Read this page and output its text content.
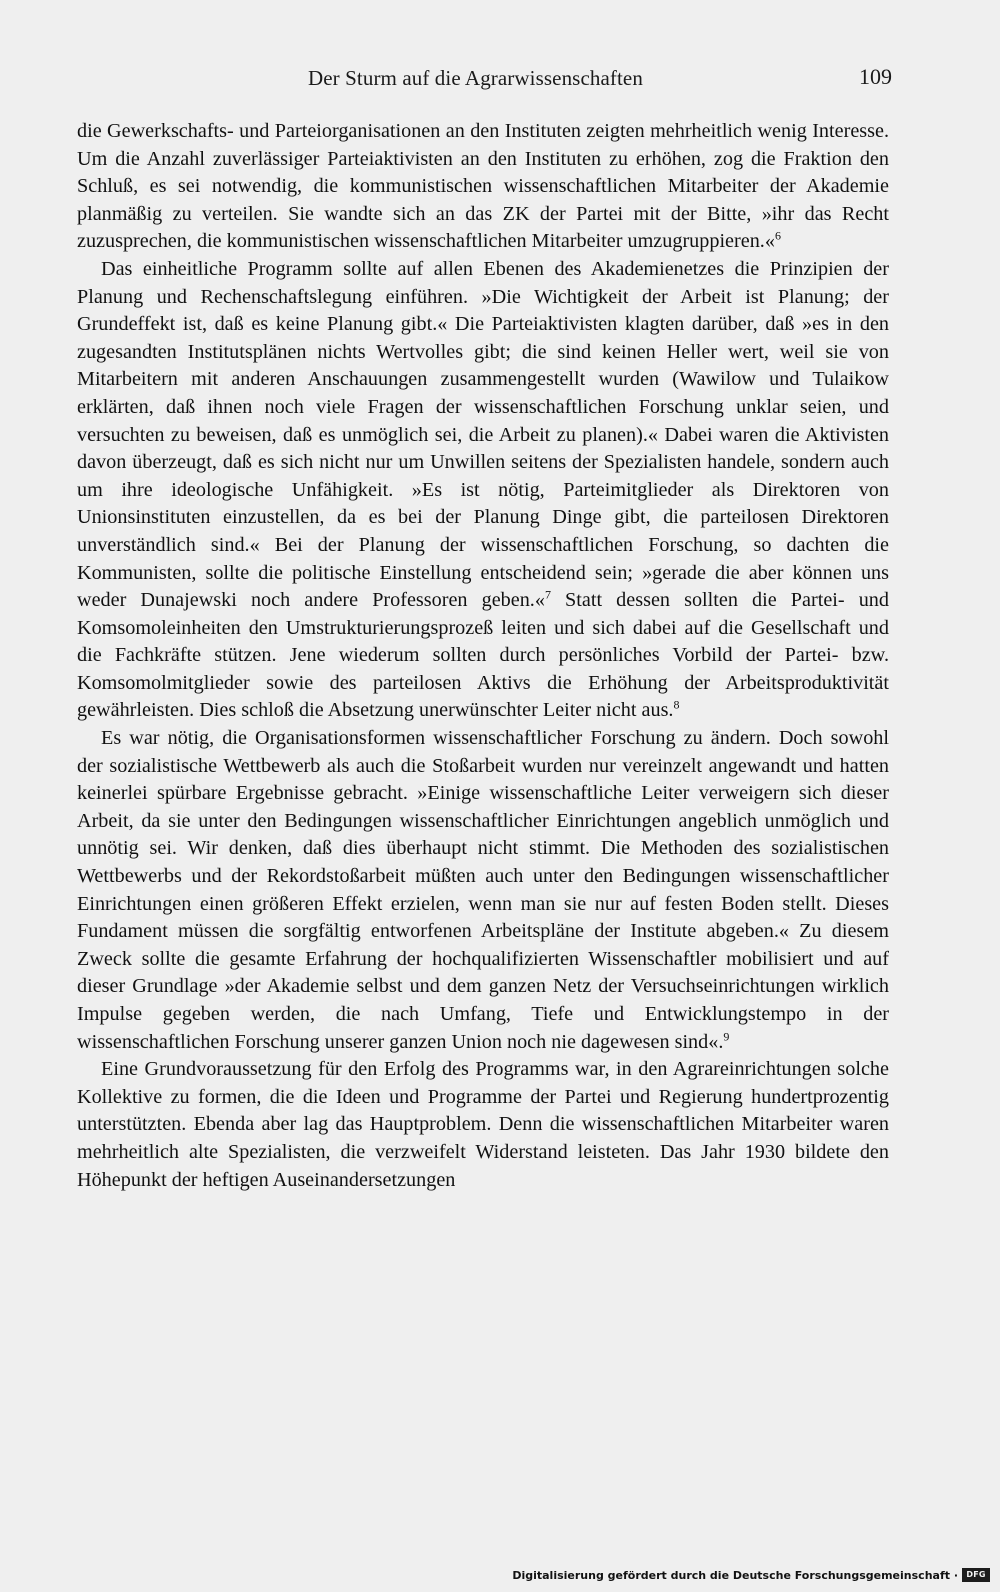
Der Sturm auf die Agrarwissenschaften	109

die Gewerkschafts- und Parteiorganisationen an den Instituten zeigten mehrheitlich wenig Interesse. Um die Anzahl zuverlässiger Parteiaktivisten an den Instituten zu erhöhen, zog die Fraktion den Schluß, es sei notwendig, die kommunistischen wissenschaftlichen Mitarbeiter der Akademie planmäßig zu verteilen. Sie wandte sich an das ZK der Partei mit der Bitte, »ihr das Recht zuzusprechen, die kommunistischen wissenschaftlichen Mitarbeiter umzugruppieren.«$^6$

Das einheitliche Programm sollte auf allen Ebenen des Akademienetzes die Prinzipien der Planung und Rechenschaftslegung einführen. »Die Wichtigkeit der Arbeit ist Planung; der Grundeffekt ist, daß es keine Planung gibt.« Die Parteiaktivisten klagten darüber, daß »es in den zugesandten Institutsplänen nichts Wertvolles gibt; die sind keinen Heller wert, weil sie von Mitarbeitern mit anderen Anschauungen zusammengestellt wurden (Wawilow und Tulaikow erklärten, daß ihnen noch viele Fragen der wissenschaftlichen Forschung unklar seien, und versuchten zu beweisen, daß es unmöglich sei, die Arbeit zu planen).« Dabei waren die Aktivisten davon überzeugt, daß es sich nicht nur um Unwillen seitens der Spezialisten handele, sondern auch um ihre ideologische Unfähigkeit. »Es ist nötig, Parteimitglieder als Direktoren von Unionsinstituten einzustellen, da es bei der Planung Dinge gibt, die parteilosen Direktoren unverständlich sind.« Bei der Planung der wissenschaftlichen Forschung, so dachten die Kommunisten, sollte die politische Einstellung entscheidend sein; »gerade die aber können uns weder Dunajewski noch andere Professoren geben.«$^7$ Statt dessen sollten die Partei- und Komsomoleinheiten den Umstrukturierungsprozeß leiten und sich dabei auf die Gesellschaft und die Fachkräfte stützen. Jene wiederum sollten durch persönliches Vorbild der Partei- bzw. Komsomolmitglieder sowie des parteilosen Aktivs die Erhöhung der Arbeitsproduktivität gewährleisten. Dies schloß die Absetzung unerwünschter Leiter nicht aus.$^8$

Es war nötig, die Organisationsformen wissenschaftlicher Forschung zu ändern. Doch sowohl der sozialistische Wettbewerb als auch die Stoßarbeit wurden nur vereinzelt angewandt und hatten keinerlei spürbare Ergebnisse gebracht. »Einige wissenschaftliche Leiter verweigern sich dieser Arbeit, da sie unter den Bedingungen wissenschaftlicher Einrichtungen angeblich unmöglich und unnötig sei. Wir denken, daß dies überhaupt nicht stimmt. Die Methoden des sozialistischen Wettbewerbs und der Rekordstoßarbeit müßten auch unter den Bedingungen wissenschaftlicher Einrichtungen einen größeren Effekt erzielen, wenn man sie nur auf festen Boden stellt. Dieses Fundament müssen die sorgfältig entworfenen Arbeitspläne der Institute abgeben.« Zu diesem Zweck sollte die gesamte Erfahrung der hochqualifizierten Wissenschaftler mobilisiert und auf dieser Grundlage »der Akademie selbst und dem ganzen Netz der Versuchseinrichtungen wirklich Impulse gegeben werden, die nach Umfang, Tiefe und Entwicklungstempo in der wissenschaftlichen Forschung unserer ganzen Union noch nie dagewesen sind«.$^9$

Eine Grundvoraussetzung für den Erfolg des Programms war, in den Agrareinrichtungen solche Kollektive zu formen, die die Ideen und Programme der Partei und Regierung hundertprozentig unterstützten. Ebenda aber lag das Hauptproblem. Denn die wissenschaftlichen Mitarbeiter waren mehrheitlich alte Spezialisten, die verzweifelt Widerstand leisteten. Das Jahr 1930 bildete den Höhepunkt der heftigen Auseinandersetzungen

Digitalisierung gefördert durch die Deutsche Forschungsgemeinschaft ·	DFG
